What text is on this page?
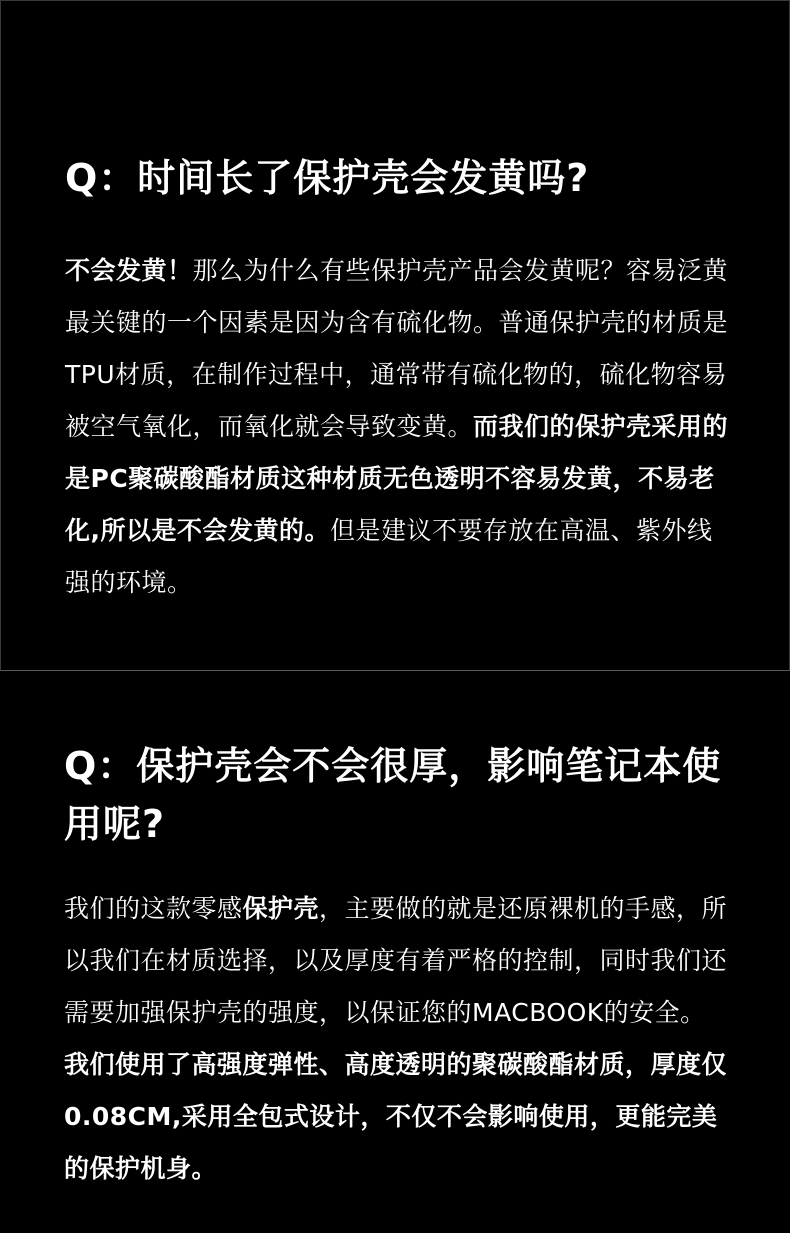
Q：时间长了保护壳会发黄吗?

不会发黄！那么为什么有些保护壳产品会发黄呢？容易泛黄最关键的一个因素是因为含有硫化物。普通保护壳的材质是TPU材质，在制作过程中，通常带有硫化物的，硫化物容易被空气氧化，而氧化就会导致变黄。而我们的保护壳采用的是PC聚碳酸酯材质这种材质无色透明不容易发黄，不易老化,所以是不会发黄的。但是建议不要存放在高温、紫外线强的环境。

Q：保护壳会不会很厚，影响笔记本使用呢?

我们的这款零感保护壳，主要做的就是还原裸机的手感，所以我们在材质选择，以及厚度有着严格的控制，同时我们还需要加强保护壳的强度，以保证您的MACBOOK的安全。我们使用了高强度弹性、高度透明的聚碳酸酯材质，厚度仅0.08CM,采用全包式设计，不仅不会影响使用，更能完美的保护机身。
